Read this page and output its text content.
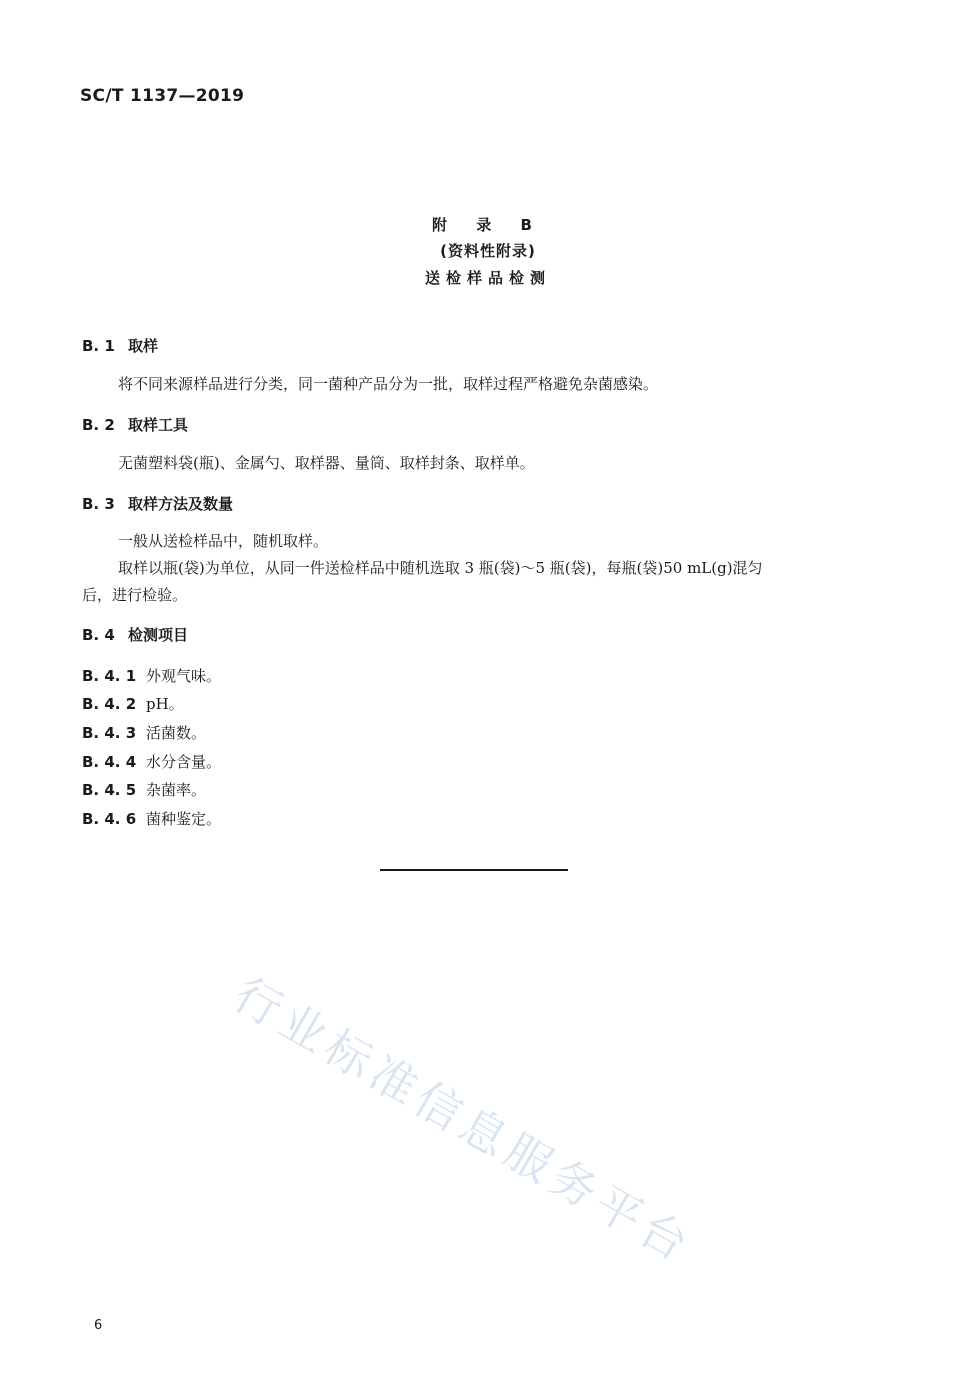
SC/T 1137—2019
附 录 B
(资料性附录)
送检样品检测
B. 1 取样
将不同来源样品进行分类，同一菌种产品分为一批，取样过程严格避免杂菌感染。
B. 2 取样工具
无菌塑料袋(瓶)、金属勺、取样器、量筒、取样封条、取样单。
B. 3 取样方法及数量
一般从送检样品中，随机取样。
取样以瓶(袋)为单位，从同一件送检样品中随机选取 3 瓶(袋)～5 瓶(袋)，每瓶(袋)50 mL(g)混匀
后，进行检验。
B. 4 检测项目
B. 4. 1 外观气味。
B. 4. 2 pH。
B. 4. 3 活菌数。
B. 4. 4 水分含量。
B. 4. 5 杂菌率。
B. 4. 6 菌种鉴定。
行业标准信息服务平台
6
